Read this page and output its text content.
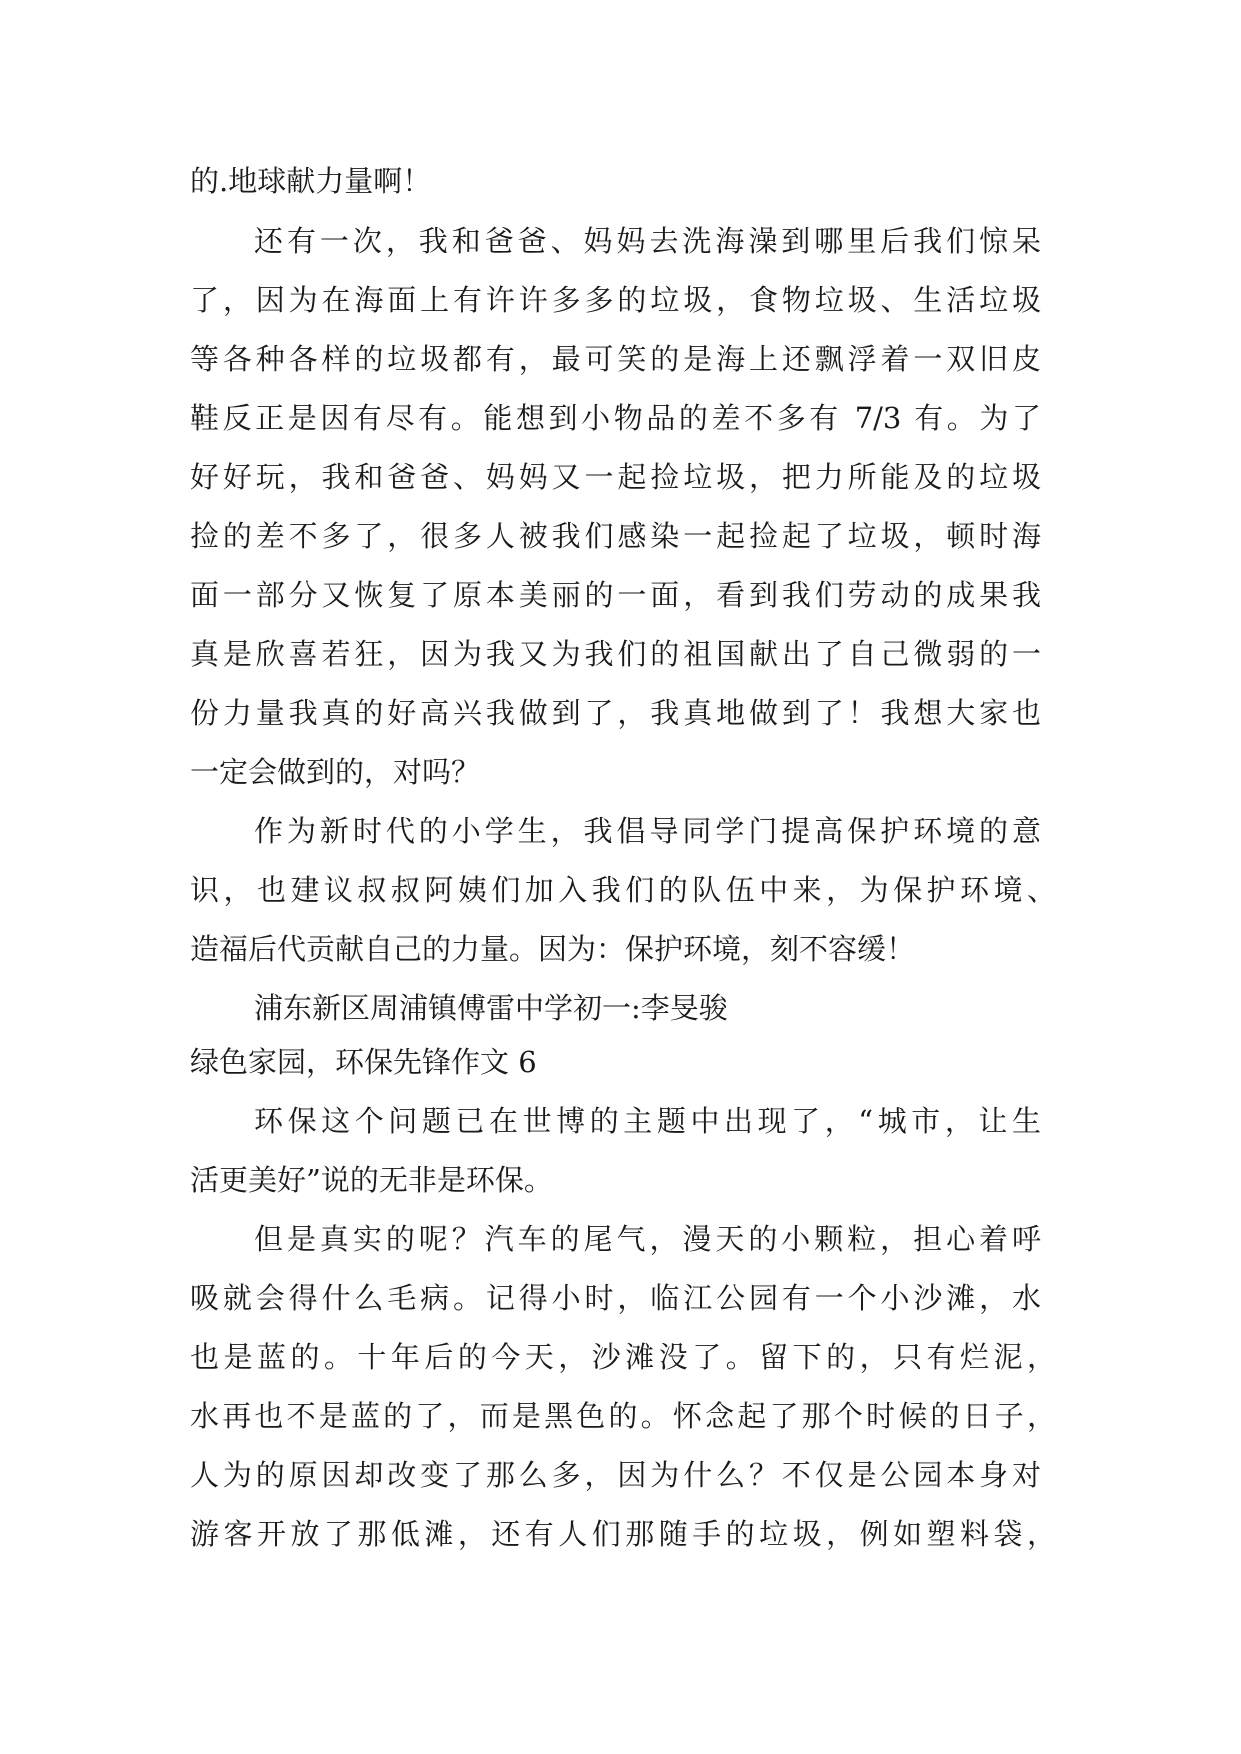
的.地球献力量啊！
还有一次，我和爸爸、妈妈去洗海澡到哪里后我们惊呆
了，因为在海面上有许许多多的垃圾，食物垃圾、生活垃圾
等各种各样的垃圾都有，最可笑的是海上还飘浮着一双旧皮
鞋反正是因有尽有。能想到小物品的差不多有 7/3 有。为了
好好玩，我和爸爸、妈妈又一起捡垃圾，把力所能及的垃圾
捡的差不多了，很多人被我们感染一起捡起了垃圾，顿时海
面一部分又恢复了原本美丽的一面，看到我们劳动的成果我
真是欣喜若狂，因为我又为我们的祖国献出了自己微弱的一
份力量我真的好高兴我做到了，我真地做到了！我想大家也
一定会做到的，对吗？
作为新时代的小学生，我倡导同学门提高保护环境的意
识，也建议叔叔阿姨们加入我们的队伍中来，为保护环境、
造福后代贡献自己的力量。因为：保护环境，刻不容缓！
浦东新区周浦镇傅雷中学初一:李旻骏
绿色家园，环保先锋作文 6
环保这个问题已在世博的主题中出现了，“城市，让生
活更美好”说的无非是环保。
但是真实的呢？汽车的尾气，漫天的小颗粒，担心着呼
吸就会得什么毛病。记得小时，临江公园有一个小沙滩，水
也是蓝的。十年后的今天，沙滩没了。留下的，只有烂泥，
水再也不是蓝的了，而是黑色的。怀念起了那个时候的日子，
人为的原因却改变了那么多，因为什么？不仅是公园本身对
游客开放了那低滩，还有人们那随手的垃圾，例如塑料袋，
